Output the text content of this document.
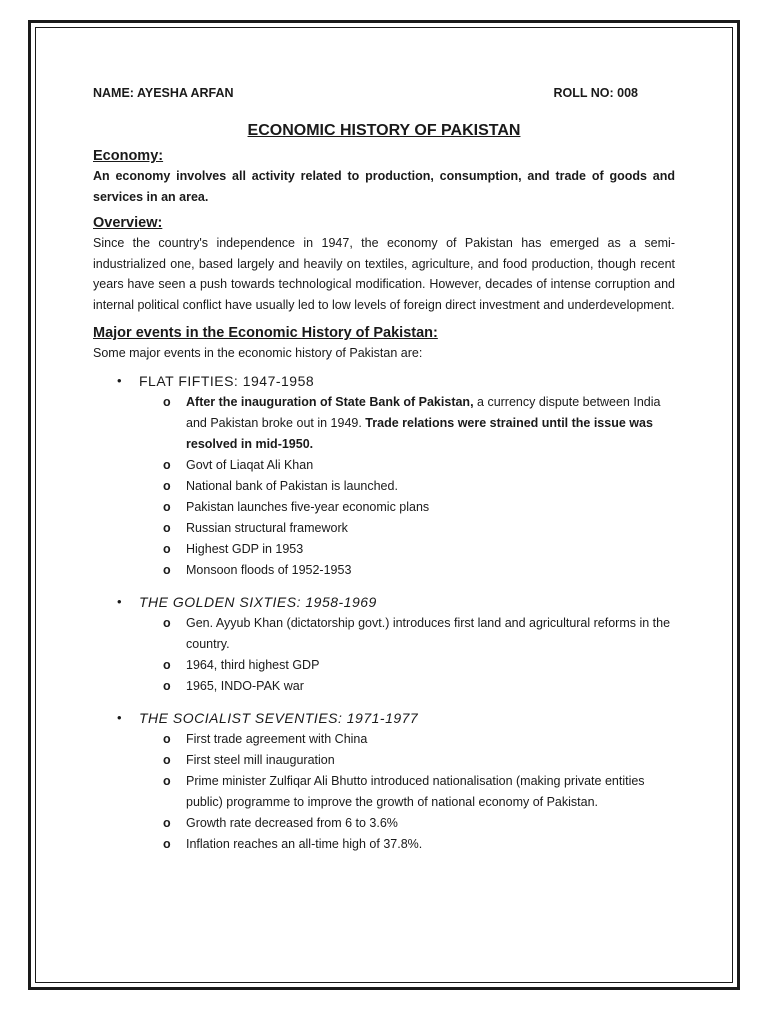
NAME: AYESHA ARFAN	ROLL NO: 008
ECONOMIC HISTORY OF PAKISTAN
Economy:

An economy involves all activity related to production, consumption, and trade of goods and services in an area.

Overview:

Since the country's independence in 1947, the economy of Pakistan has emerged as a semi-industrialized one, based largely and heavily on textiles, agriculture, and food production, though recent years have seen a push towards technological modification. However, decades of intense corruption and internal political conflict have usually led to low levels of foreign direct investment and underdevelopment.

Major events in the Economic History of Pakistan:

Some major events in the economic history of Pakistan are:

• FLAT FIFTIES: 1947-1958
o After the inauguration of State Bank of Pakistan, a currency dispute between India and Pakistan broke out in 1949. Trade relations were strained until the issue was resolved in mid-1950.
o Govt of Liaqat Ali Khan
o National bank of Pakistan is launched.
o Pakistan launches five-year economic plans
o Russian structural framework
o Highest GDP in 1953
o Monsoon floods of 1952-1953
• THE GOLDEN SIXTIES: 1958-1969
o Gen. Ayyub Khan (dictatorship govt.) introduces first land and agricultural reforms in the country.
o 1964, third highest GDP
o 1965, INDO-PAK war
• THE SOCIALIST SEVENTIES: 1971-1977
o First trade agreement with China
o First steel mill inauguration
o Prime minister Zulfiqar Ali Bhutto introduced nationalisation (making private entities public) programme to improve the growth of national economy of Pakistan.
o Growth rate decreased from 6 to 3.6%
o Inflation reaches an all-time high of 37.8%.
